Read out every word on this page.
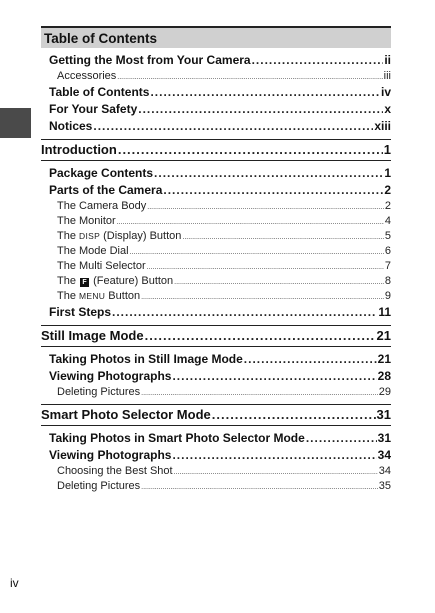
Table of Contents
Getting the Most from Your Camera .....	ii
Accessories .....	iii
Table of Contents .....	iv
For Your Safety .....	x
Notices .....	xiii
Introduction .....	1
Package Contents .....	1
Parts of the Camera .....	2
The Camera Body .....	2
The Monitor .....	4
The DISP (Display) Button .....	5
The Mode Dial .....	6
The Multi Selector .....	7
The F (Feature) Button .....	8
The MENU Button .....	9
First Steps .....	11
Still Image Mode .....	21
Taking Photos in Still Image Mode .....	21
Viewing Photographs .....	28
Deleting Pictures .....	29
Smart Photo Selector Mode .....	31
Taking Photos in Smart Photo Selector Mode .....	31
Viewing Photographs .....	34
Choosing the Best Shot .....	34
Deleting Pictures .....	35
iv
